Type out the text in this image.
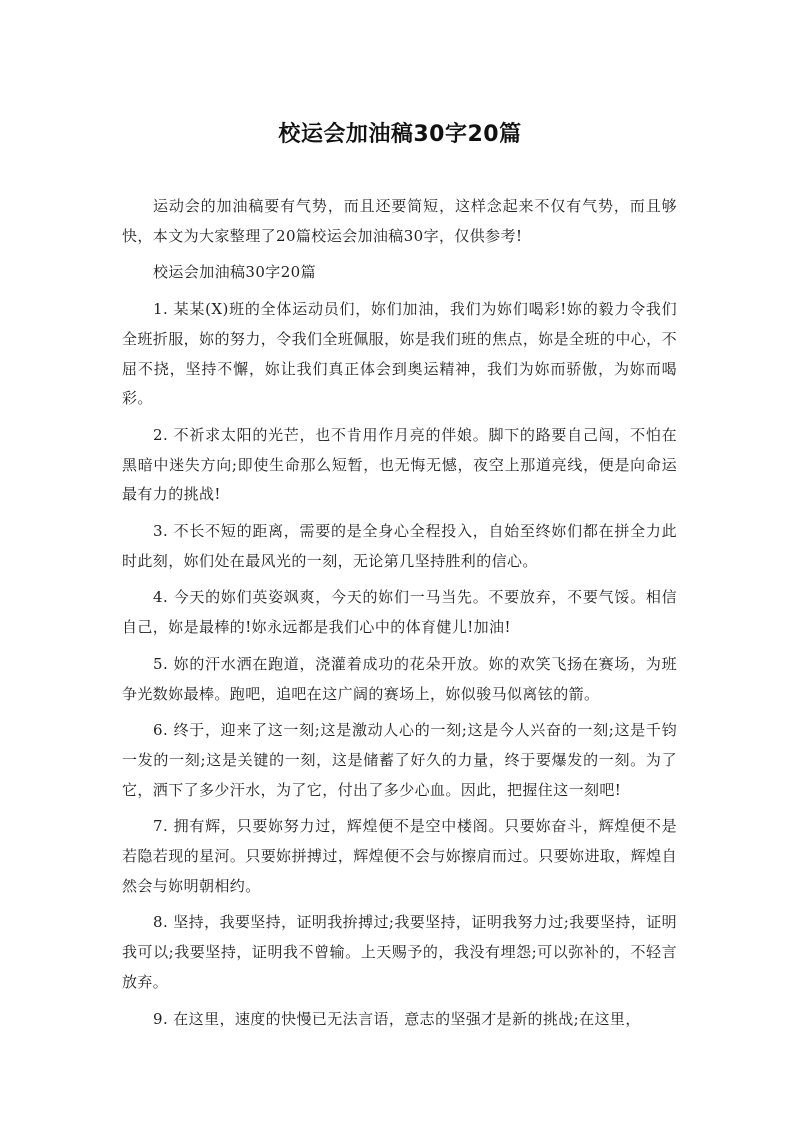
校运会加油稿30字20篇

运动会的加油稿要有气势，而且还要简短，这样念起来不仅有气势，而且够快，本文为大家整理了20篇校运会加油稿30字，仅供参考!

校运会加油稿30字20篇

1. 某某(X)班的全体运动员们，妳们加油，我们为妳们喝彩!妳的毅力令我们全班折服，妳的努力，令我们全班佩服，妳是我们班的焦点，妳是全班的中心，不屈不挠，坚持不懈，妳让我们真正体会到奥运精神，我们为妳而骄傲，为妳而喝彩。

2. 不祈求太阳的光芒，也不肯用作月亮的伴娘。脚下的路要自己闯，不怕在黑暗中迷失方向;即使生命那么短暂，也无悔无憾，夜空上那道亮线，便是向命运最有力的挑战!

3. 不长不短的距离，需要的是全身心全程投入，自始至终妳们都在拼全力此时此刻，妳们处在最风光的一刻，无论第几坚持胜利的信心。

4. 今天的妳们英姿飒爽，今天的妳们一马当先。不要放弃，不要气馁。相信自己，妳是最棒的!妳永远都是我们心中的体育健儿!加油!

5. 妳的汗水洒在跑道，浇灌着成功的花朵开放。妳的欢笑飞扬在赛场，为班争光数妳最棒。跑吧，追吧在这广阔的赛场上，妳似骏马似离铉的箭。

6. 终于，迎来了这一刻;这是激动人心的一刻;这是今人兴奋的一刻;这是千钧一发的一刻;这是关键的一刻，这是储蓄了好久的力量，终于要爆发的一刻。为了它，洒下了多少汗水，为了它，付出了多少心血。因此，把握住这一刻吧!

7. 拥有辉，只要妳努力过，辉煌便不是空中楼阁。只要妳奋斗，辉煌便不是若隐若现的星河。只要妳拼搏过，辉煌便不会与妳擦肩而过。只要妳进取，辉煌自然会与妳明朝相约。

8. 坚持，我要坚持，证明我拚搏过;我要坚持，证明我努力过;我要坚持，证明我可以;我要坚持，证明我不曾输。上天赐予的，我没有埋怨;可以弥补的，不轻言放弃。

9. 在这里，速度的快慢已无法言语，意志的坚强才是新的挑战;在这里，
